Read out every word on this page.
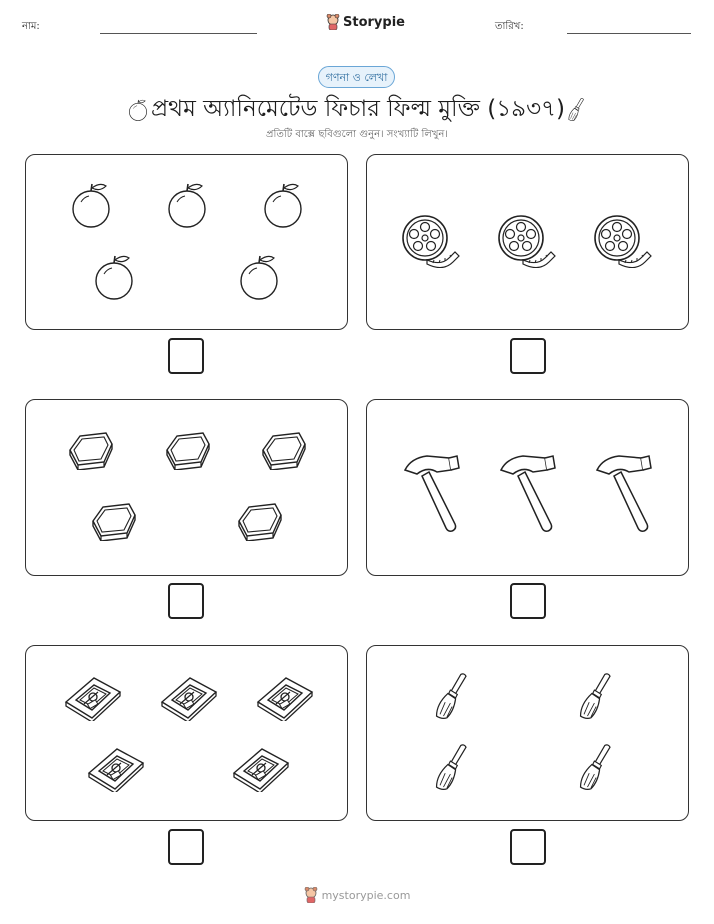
নাম:	Storypie	তারিখ:
গণনা ও লেখা
প্রথম অ্যানিমেটেড ফিচার ফিল্ম মুক্তি (১৯৩৭)
প্রতিটি বাক্সে ছবিগুলো গুনুন। সংখ্যাটি লিখুন।
mystorypie.com
